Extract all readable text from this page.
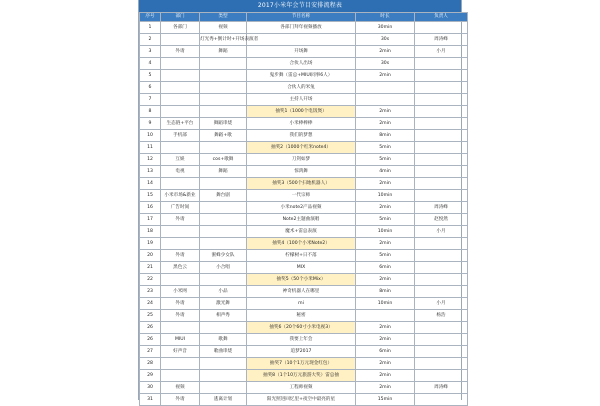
2017小米年会节目安排流程表
序号	部门	类型	节目名称	时长	负责人
1	各部门	视频	各部门拜年视频播放	30min	
2		灯光秀+倒计时+开场表演者		30s	周涛峰
3	外请	舞蹈	开场舞	2min	小月
4			合伙人出场	30s	
5			鬼步舞（雷总+MIUI同事6人）	2min	
6			合伙人的米兔		
7			主持人开场		
8			抽奖1（1000个电饭煲）	2min	
9	生态链+平台	舞蹈串烧	小米棒棒棒	2min	
10	手机部	舞蹈+歌	我们的梦想	8min	
11			抽奖2（1000个红米note4）	5min	
12	互娱	cos+歌舞	刀剑如梦	5min	
13	电视	舞蹈	惊鸿舞	4min	
14			抽奖3（500个扫地机器人）	2min	
15	小米市场&新业	舞台剧	一代宗师	10min	
16	广告时间		小米note2产品视频	2min	周涛峰
17	外请		Note2主题曲演唱	5min	赵悦然
18			魔术+雷总表演	10min	小月
19			抽奖4（100个小米Note2）	2min	
20	外请	蜜蜂少女队	柠檬树+日不落	5min	
21	黑色云	小合唱	MIX	6min	
22			抽奖5（50个小米Mix）	2min	
23	小米网	小品	神奇机器人在哪里	8min	
24	外请	激光舞	mi	10min	小月
25	外请	相声秀	秘密		杨浩
26			抽奖6（20个60寸小米电视3）	2min	
26	MIUI	歌舞	我要上年会	2min	
27	好声音	歌曲串烧	追梦2017	6min	
28			抽奖7（10个1万元现金红包）	2min	
29			抽奖8（1个10万元旅游大奖）雷总抽	2min	
30	视频		工程师视频	2min	周涛峰
31	外请	逃离计划	阳光照进回忆里+夜空中最亮的星	15min	
